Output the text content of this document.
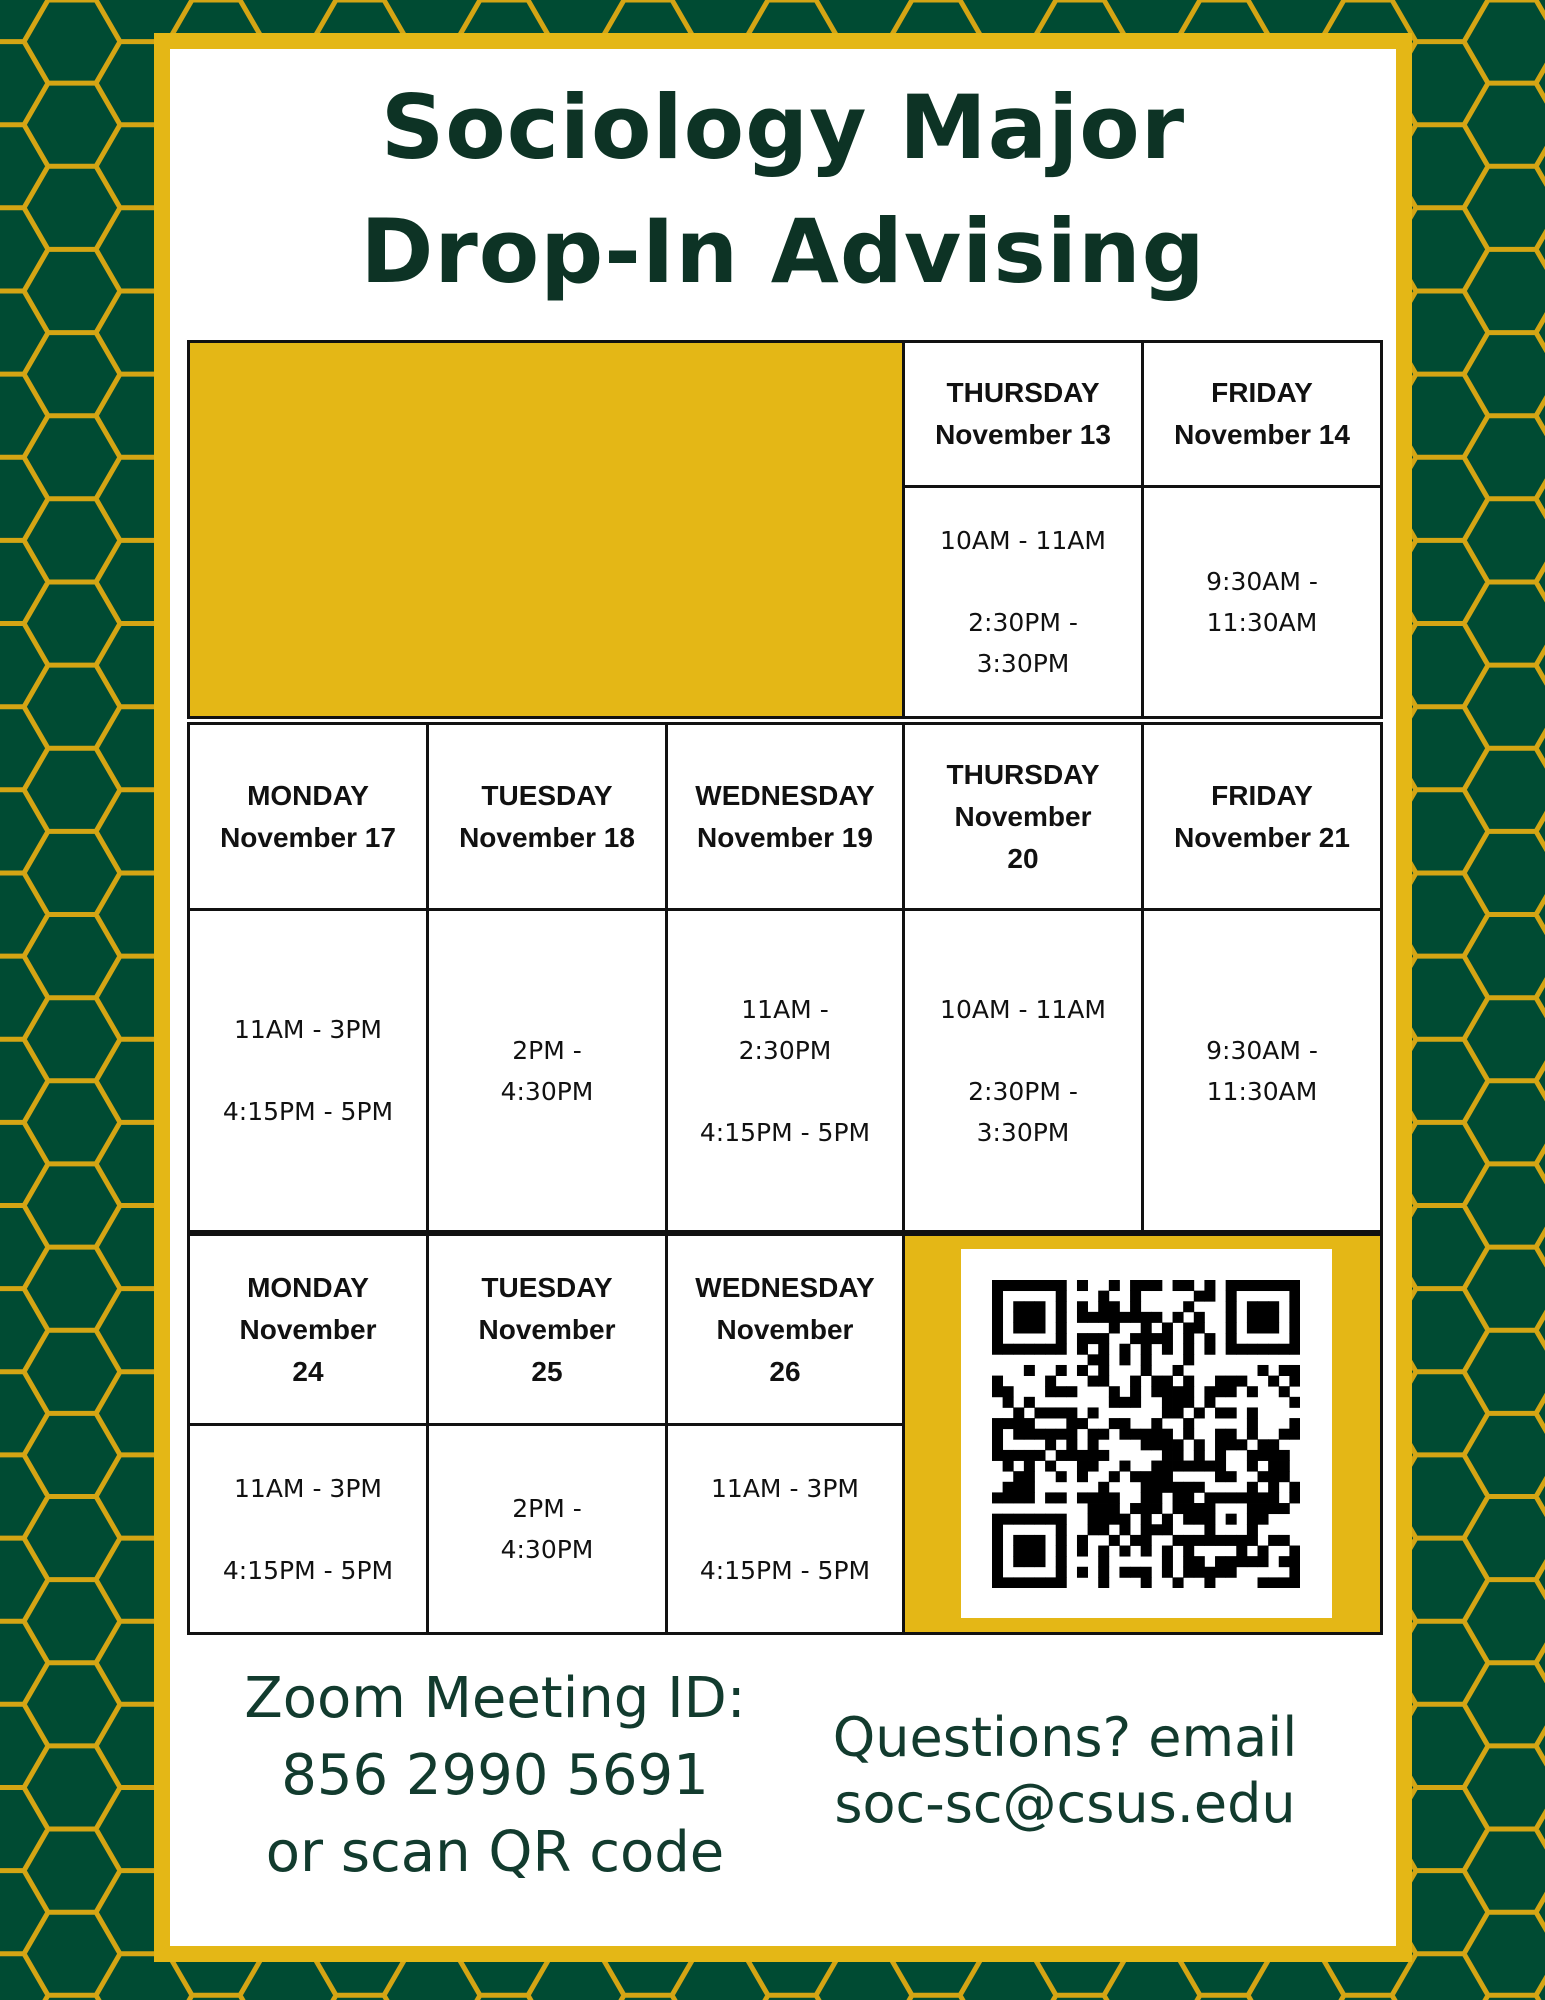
Sociology Major
Drop-In Advising
THURSDAY
November 13
FRIDAY
November 14
10AM - 11AM
2:30PM -
3:30PM
9:30AM -
11:30AM
MONDAY
November 17
TUESDAY
November 18
WEDNESDAY
November 19
THURSDAY
November
20
FRIDAY
November 21
11AM - 3PM
4:15PM - 5PM
2PM -
4:30PM
11AM -
2:30PM
4:15PM - 5PM
10AM - 11AM
2:30PM -
3:30PM
9:30AM -
11:30AM
MONDAY
November
24
TUESDAY
November
25
WEDNESDAY
November
26
11AM - 3PM
4:15PM - 5PM
2PM -
4:30PM
11AM - 3PM
4:15PM - 5PM

Zoom Meeting ID:
856 2990 5691
or scan QR code

Questions? email
soc-sc@csus.edu
